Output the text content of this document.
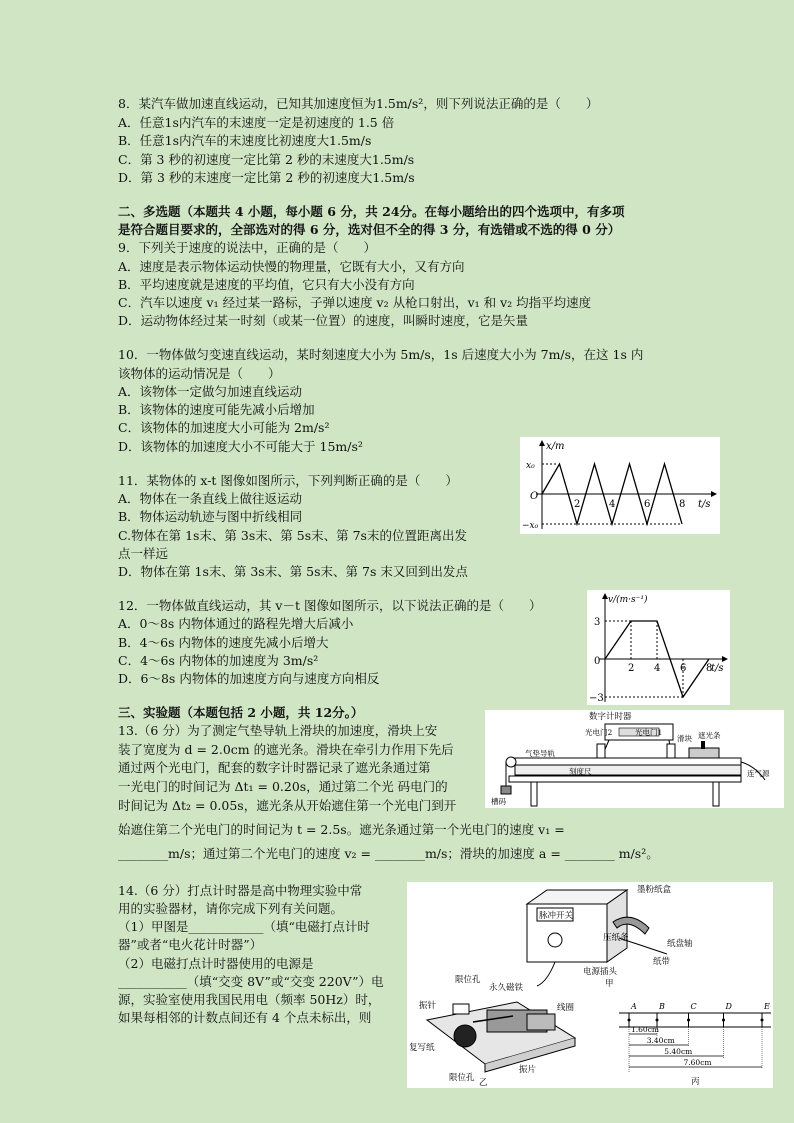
8．某汽车做加速直线运动，已知其加速度恒为1.5m/s²，则下列说法正确的是（　　）
A．任意1s内汽车的末速度一定是初速度的 1.5 倍
B．任意1s内汽车的末速度比初速度大1.5m/s
C．第 3 秒的初速度一定比第 2 秒的末速度大1.5m/s
D．第 3 秒的末速度一定比第 2 秒的初速度大1.5m/s
二、多选题（本题共 4 小题，每小题 6 分，共 24分。在每小题给出的四个选项中，有多项
是符合题目要求的，全部选对的得 6 分，选对但不全的得 3 分，有选错或不选的得 0 分）
9．下列关于速度的说法中，正确的是（　　）
A．速度是表示物体运动快慢的物理量，它既有大小，又有方向
B．平均速度就是速度的平均值，它只有大小没有方向
C．汽车以速度 v₁ 经过某一路标，子弹以速度 v₂ 从枪口射出，v₁ 和 v₂ 均指平均速度
D．运动物体经过某一时刻（或某一位置）的速度，叫瞬时速度，它是矢量
10．一物体做匀变速直线运动，某时刻速度大小为 5m/s，1s 后速度大小为 7m/s，在这 1s 内
该物体的运动情况是（　　）
A．该物体一定做匀加速直线运动
B．该物体的速度可能先减小后增加
C．该物体的加速度大小可能为 2m/s²
D．该物体的加速度大小不可能大于 15m/s²
11．某物体的 x-t 图像如图所示，下列判断正确的是（　　）
A．物体在一条直线上做往返运动
B．物体运动轨迹与图中折线相同
C.物体在第 1s末、第 3s末、第 5s末、第 7s末的位置距离出发
点一样远
D．物体在第 1s末、第 3s末、第 5s末、第 7s 末又回到出发点
x/m
t/s
O
x₀
−x₀
2	4	6	8
12．一物体做直线运动，其 v－t 图像如图所示，以下说法正确的是（　　）
A．0～8s 内物体通过的路程先增大后减小
B．4～6s 内物体的速度先减小后增大
C．4～6s 内物体的加速度为 3m/s²
D．6～8s 内物体的加速度方向与速度方向相反
v/(m·s⁻¹)
t/s
0
3
−3
2 4 6 8
三、实验题（本题包括 2 小题，共 12分。）
13.（6 分）为了测定气垫导轨上滑块的加速度，滑块上安
装了宽度为 d = 2.0cm 的遮光条。滑块在牵引力作用下先后
通过两个光电门，配套的数字计时器记录了遮光条通过第
一光电门的时间记为 Δt₁ = 0.20s，通过第二个光 码电门的
时间记为 Δt₂ = 0.05s，遮光条从开始遮住第一个光电门到开
始遮住第二个光电门的时间记为 t = 2.5s。遮光条通过第一个光电门的速度 v₁ =
________m/s；通过第二个光电门的速度 v₂ = ________m/s；滑块的加速度 a = ________ m/s²。
数字计时器
光电门2	光电门1
滑块 遮光条
气垫导轨
刻度尺
槽码
连气源
14.（6 分）打点计时器是高中物理实验中常
用的实验器材，请你完成下列有关问题。
（1）甲图是____________（填“电磁打点计时
器”或者“电火花计时器”）
（2）电磁打点计时器使用的电源是
___________（填“交变 8V”或“交变 220V”）电
源，实验室使用我国民用电（频率 50Hz）时，
如果每相邻的计数点间还有 4 个点未标出，则
脉冲开关
墨粉纸盒
压纸条
纸盘轴
纸带
电源插头
甲
限位孔
永久磁铁
振针	线圈
复写纸
限位孔
振片
乙
A	B	C	D	E
1.60cm
3.40cm
5.40cm
7.60cm
丙
